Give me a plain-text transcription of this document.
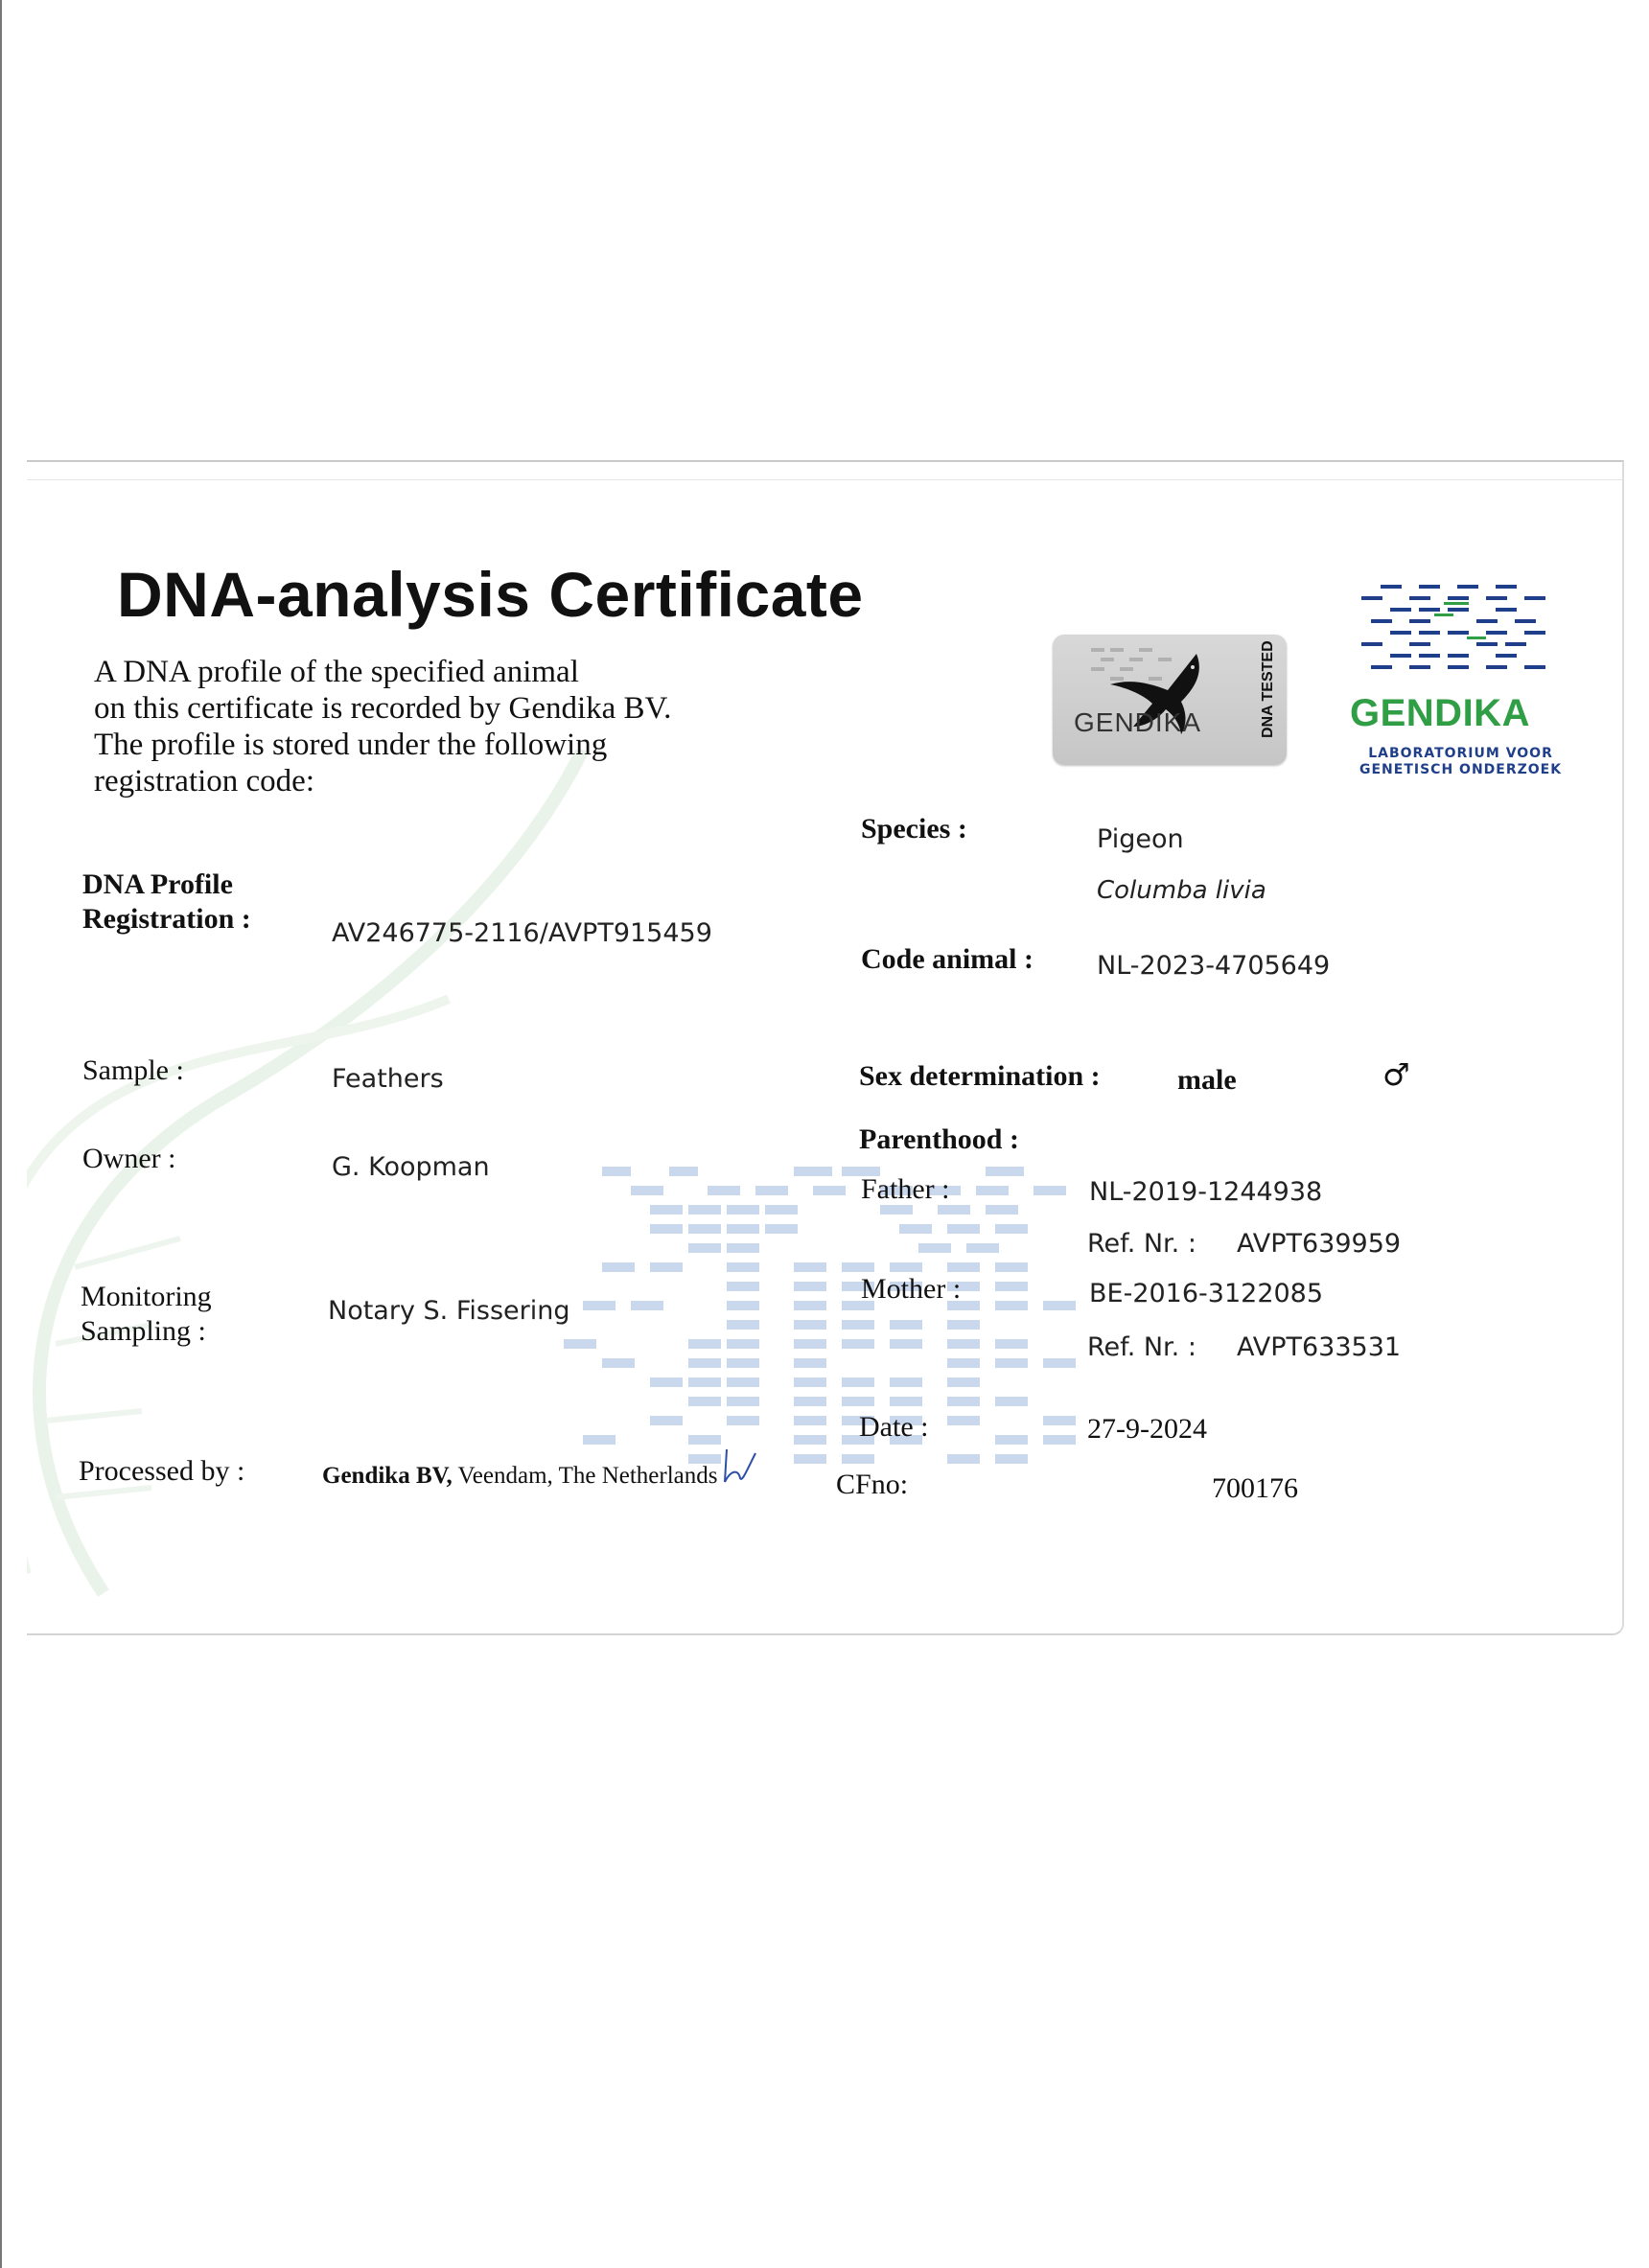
DNA-analysis Certificate
A DNA profile of the specified animal
on this certificate is recorded by Gendika BV.
The profile is stored under the following
registration code:
GENDIKA	DNA TESTED GENDIKA
LABORATORIUM VOOR
GENETISCH ONDERZOEK
DNA Profile
Registration :	AV246775-2116/AVPT915459
Sample :	Feathers
Owner :	G. Koopman
Monitoring
Sampling :
Notary S. Fissering
Processed by :	Gendika BV, Veendam, The Netherlands
Species :	Pigeon
Columba livia
Code animal : NL-2023-4705649
Sex determination :	male	♂
Parenthood :
Father :	NL-2019-1244938
Ref. Nr. : AVPT639959
Mother :	BE-2016-3122085
Ref. Nr. : AVPT633531
Date :	27-9-2024
CFno:	700176
